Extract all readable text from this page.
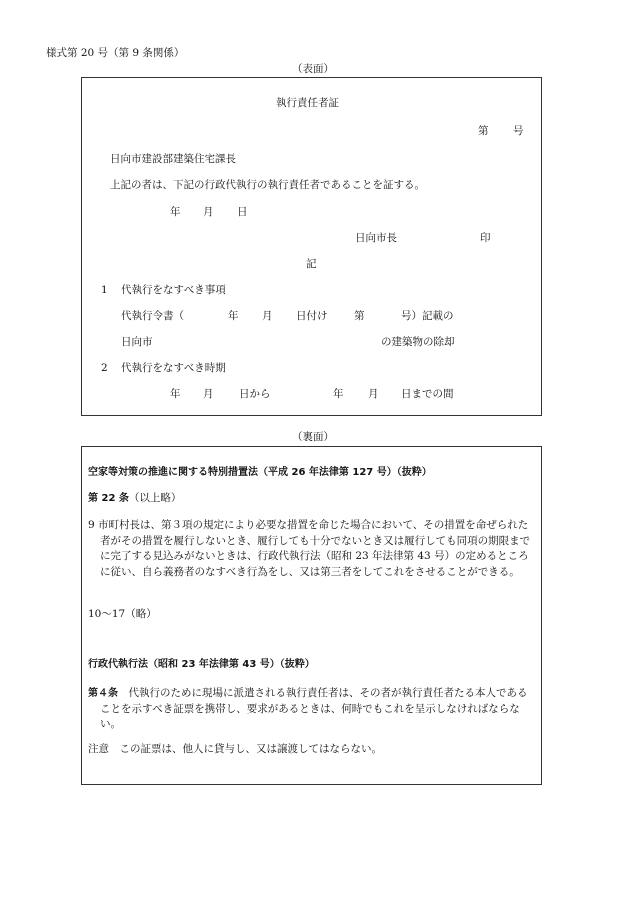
様式第 20 号（第 9 条関係）
（表面）
執行責任者証
第 号
日向市建設部建築住宅課長
上記の者は、下記の行政代執行の執行責任者であることを証する。
年 月 日
日向市長	印
記
1 代執行をなすべき事項
代執行令書（	年 月 日付け	第	号）記載の
日向市	の建築物の除却
2 代執行をなすべき時期
年 月 日から	年 月 日までの間
（裏面）
空家等対策の推進に関する特別措置法（平成 26 年法律第 127 号）（抜粋）
第 22 条（以上略）
9 市町村長は、第３項の規定により必要な措置を命じた場合において、その措置を命ぜられた者がその措置を履行しないとき、履行しても十分でないとき又は履行しても同項の期限までに完了する見込みがないときは、行政代執行法（昭和 23 年法律第 43 号）の定めるところに従い、自ら義務者のなすべき行為をし、又は第三者をしてこれをさせることができる。
10〜17（略）
行政代執行法（昭和 23 年法律第 43 号）（抜粋）
第４条　 代執行のために現場に派遣される執行責任者は、その者が執行責任者たる本人であることを示すべき証票を携帯し、要求があるときは、何時でもこれを呈示しなければならない。
注意　この証票は、他人に貸与し、又は譲渡してはならない。
